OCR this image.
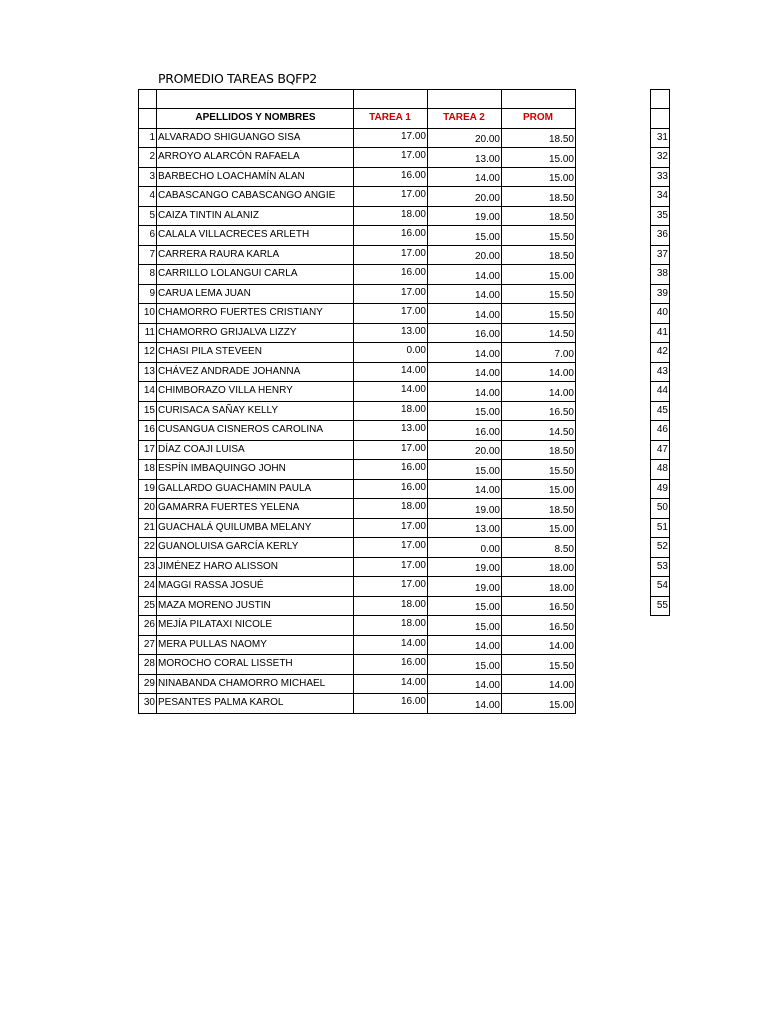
PROMEDIO TAREAS BQFP2

	APELLIDOS Y NOMBRES	TAREA 1	TAREA 2	PROM
1	ALVARADO SHIGUANGO SISA	17.00	20.00	18.50
2	ARROYO ALARCÓN RAFAELA	17.00	13.00	15.00
3	BARBECHO LOACHAMÍN ALAN	16.00	14.00	15.00
4	CABASCANGO CABASCANGO ANGIE	17.00	20.00	18.50
5	CAIZA TINTIN ALANIZ	18.00	19.00	18.50
6	CALALA VILLACRECES ARLETH	16.00	15.00	15.50
7	CARRERA RAURA KARLA	17.00	20.00	18.50
8	CARRILLO LOLANGUI CARLA	16.00	14.00	15.00
9	CARUA LEMA JUAN	17.00	14.00	15.50
10	CHAMORRO FUERTES CRISTIANY	17.00	14.00	15.50
11	CHAMORRO GRIJALVA LIZZY	13.00	16.00	14.50
12	CHASI PILA STEVEEN	0.00	14.00	7.00
13	CHÁVEZ ANDRADE JOHANNA	14.00	14.00	14.00
14	CHIMBORAZO VILLA HENRY	14.00	14.00	14.00
15	CURISACA SAÑAY KELLY	18.00	15.00	16.50
16	CUSANGUA CISNEROS CAROLINA	13.00	16.00	14.50
17	DÍAZ COAJI LUISA	17.00	20.00	18.50
18	ESPÍN IMBAQUINGO JOHN	16.00	15.00	15.50
19	GALLARDO GUACHAMIN PAULA	16.00	14.00	15.00
20	GAMARRA FUERTES YELENA	18.00	19.00	18.50
21	GUACHALÁ QUILUMBA MELANY	17.00	13.00	15.00
22	GUANOLUISA GARCÍA KERLY	17.00	0.00	8.50
23	JIMÉNEZ HARO ALISSON	17.00	19.00	18.00
24	MAGGI RASSA JOSUÉ	17.00	19.00	18.00
25	MAZA MORENO JUSTIN	18.00	15.00	16.50
26	MEJÍA PILATAXI NICOLE	18.00	15.00	16.50
27	MERA PULLAS NAOMY	14.00	14.00	14.00
28	MOROCHO CORAL LISSETH	16.00	15.00	15.50
29	NINABANDA CHAMORRO MICHAEL	14.00	14.00	14.00
30	PESANTES PALMA KAROL	16.00	14.00	15.00

31
32
33
34
35
36
37
38
39
40
41
42
43
44
45
46
47
48
49
50
51
52
53
54
55
